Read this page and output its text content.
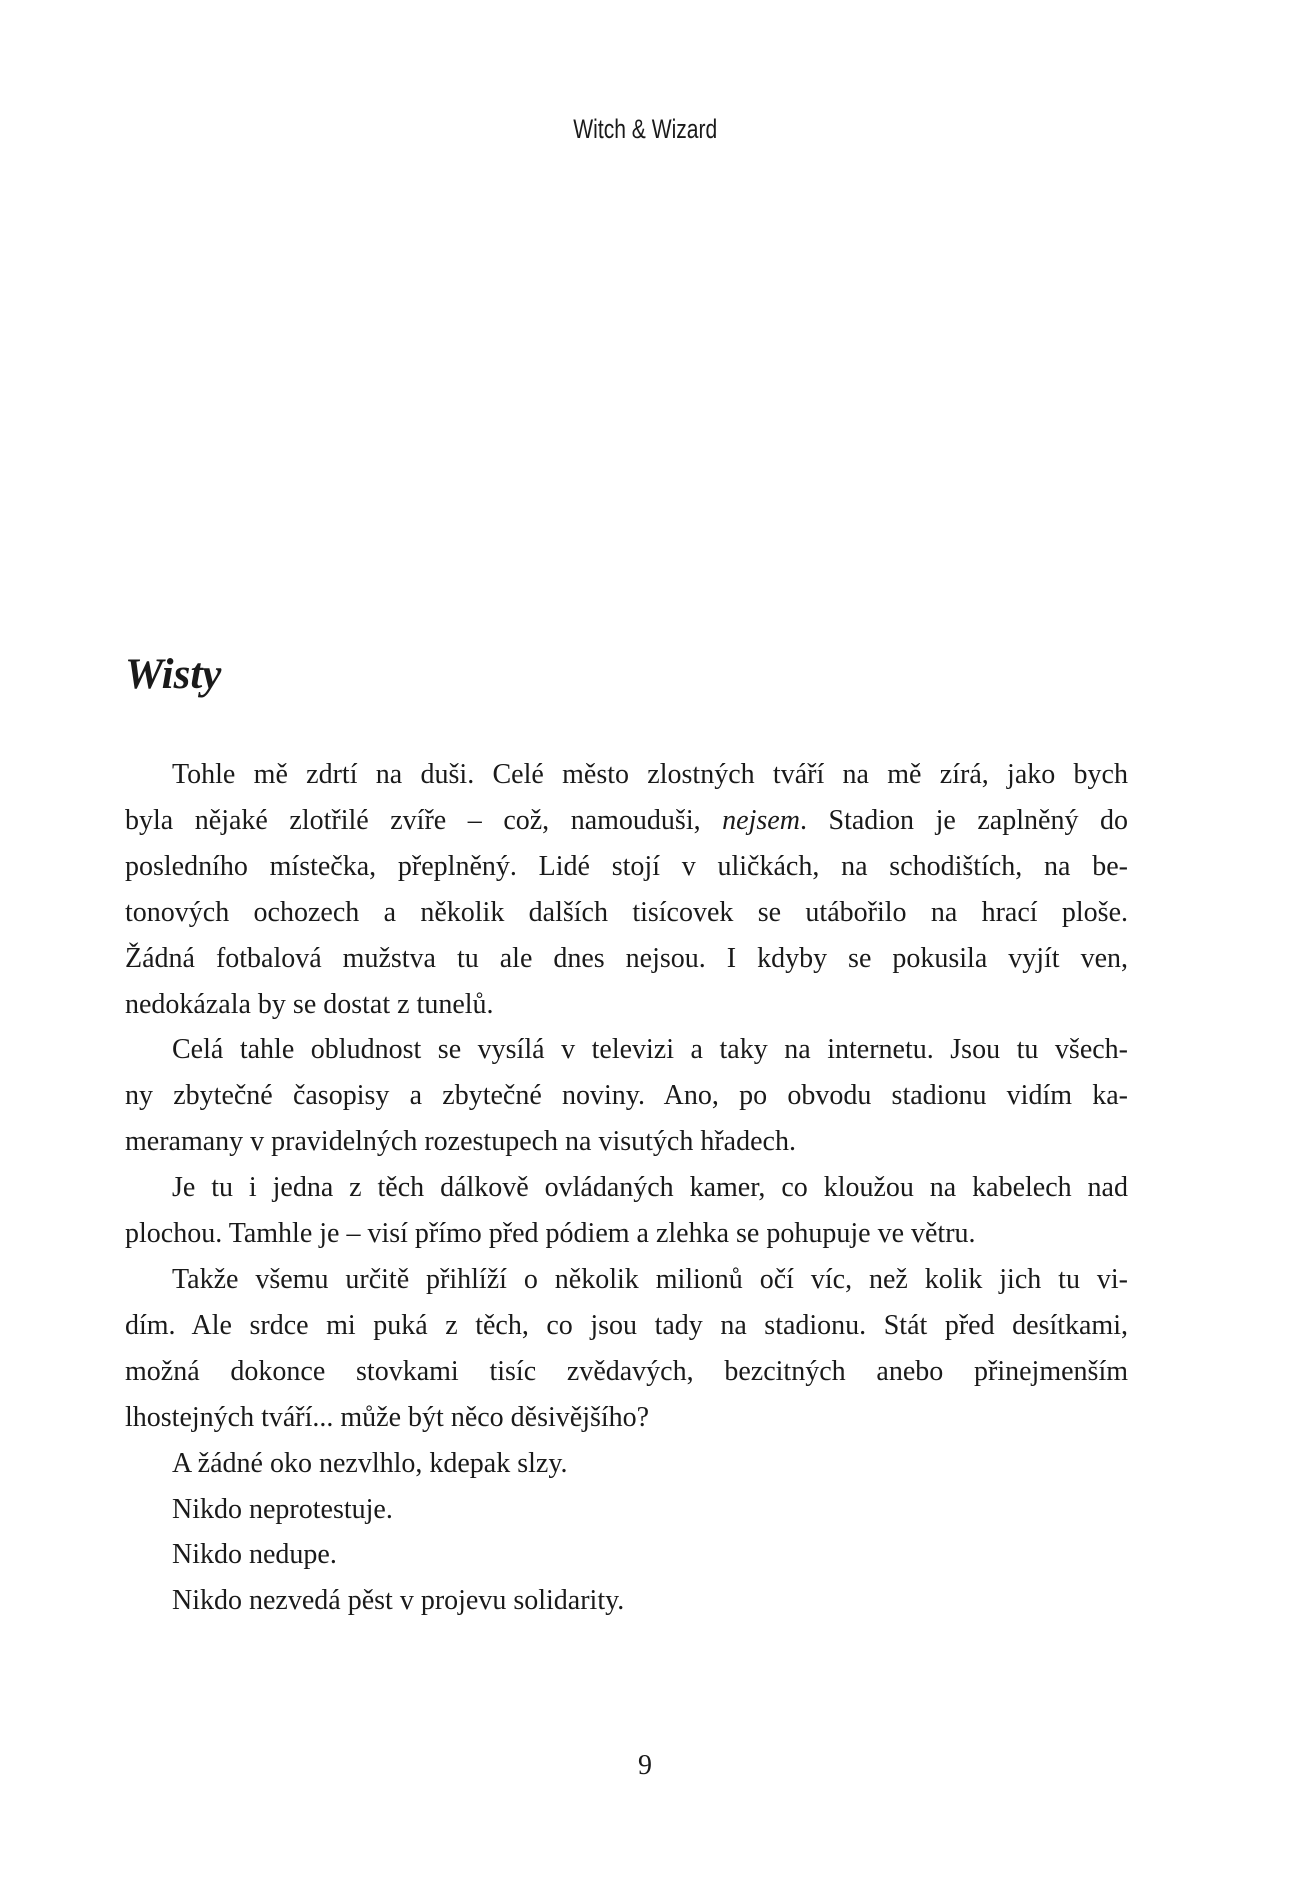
Witch & Wizard
Wisty
Tohle mě zdrtí na duši. Celé město zlostných tváří na mě zírá, jako bych
byla nějaké zlotřilé zvíře – což, namouduši, nejsem. Stadion je zaplněný do
posledního místečka, přeplněný. Lidé stojí v uličkách, na schodištích, na be-
tonových ochozech a několik dalších tisícovek se utábořilo na hrací ploše.
Žádná fotbalová mužstva tu ale dnes nejsou. I kdyby se pokusila vyjít ven,
nedokázala by se dostat z tunelů.
Celá tahle obludnost se vysílá v televizi a taky na internetu. Jsou tu všech-
ny zbytečné časopisy a zbytečné noviny. Ano, po obvodu stadionu vidím ka-
meramany v pravidelných rozestupech na visutých hřadech.
Je tu i jedna z těch dálkově ovládaných kamer, co kloužou na kabelech nad
plochou. Tamhle je – visí přímo před pódiem a zlehka se pohupuje ve větru.
Takže všemu určitě přihlíží o několik milionů očí víc, než kolik jich tu vi-
dím. Ale srdce mi puká z těch, co jsou tady na stadionu. Stát před desítkami,
možná dokonce stovkami tisíc zvědavých, bezcitných anebo přinejmenším
lhostejných tváří... může být něco děsivějšího?
A žádné oko nezvlhlo, kdepak slzy.
Nikdo neprotestuje.
Nikdo nedupe.
Nikdo nezvedá pěst v projevu solidarity.
9
